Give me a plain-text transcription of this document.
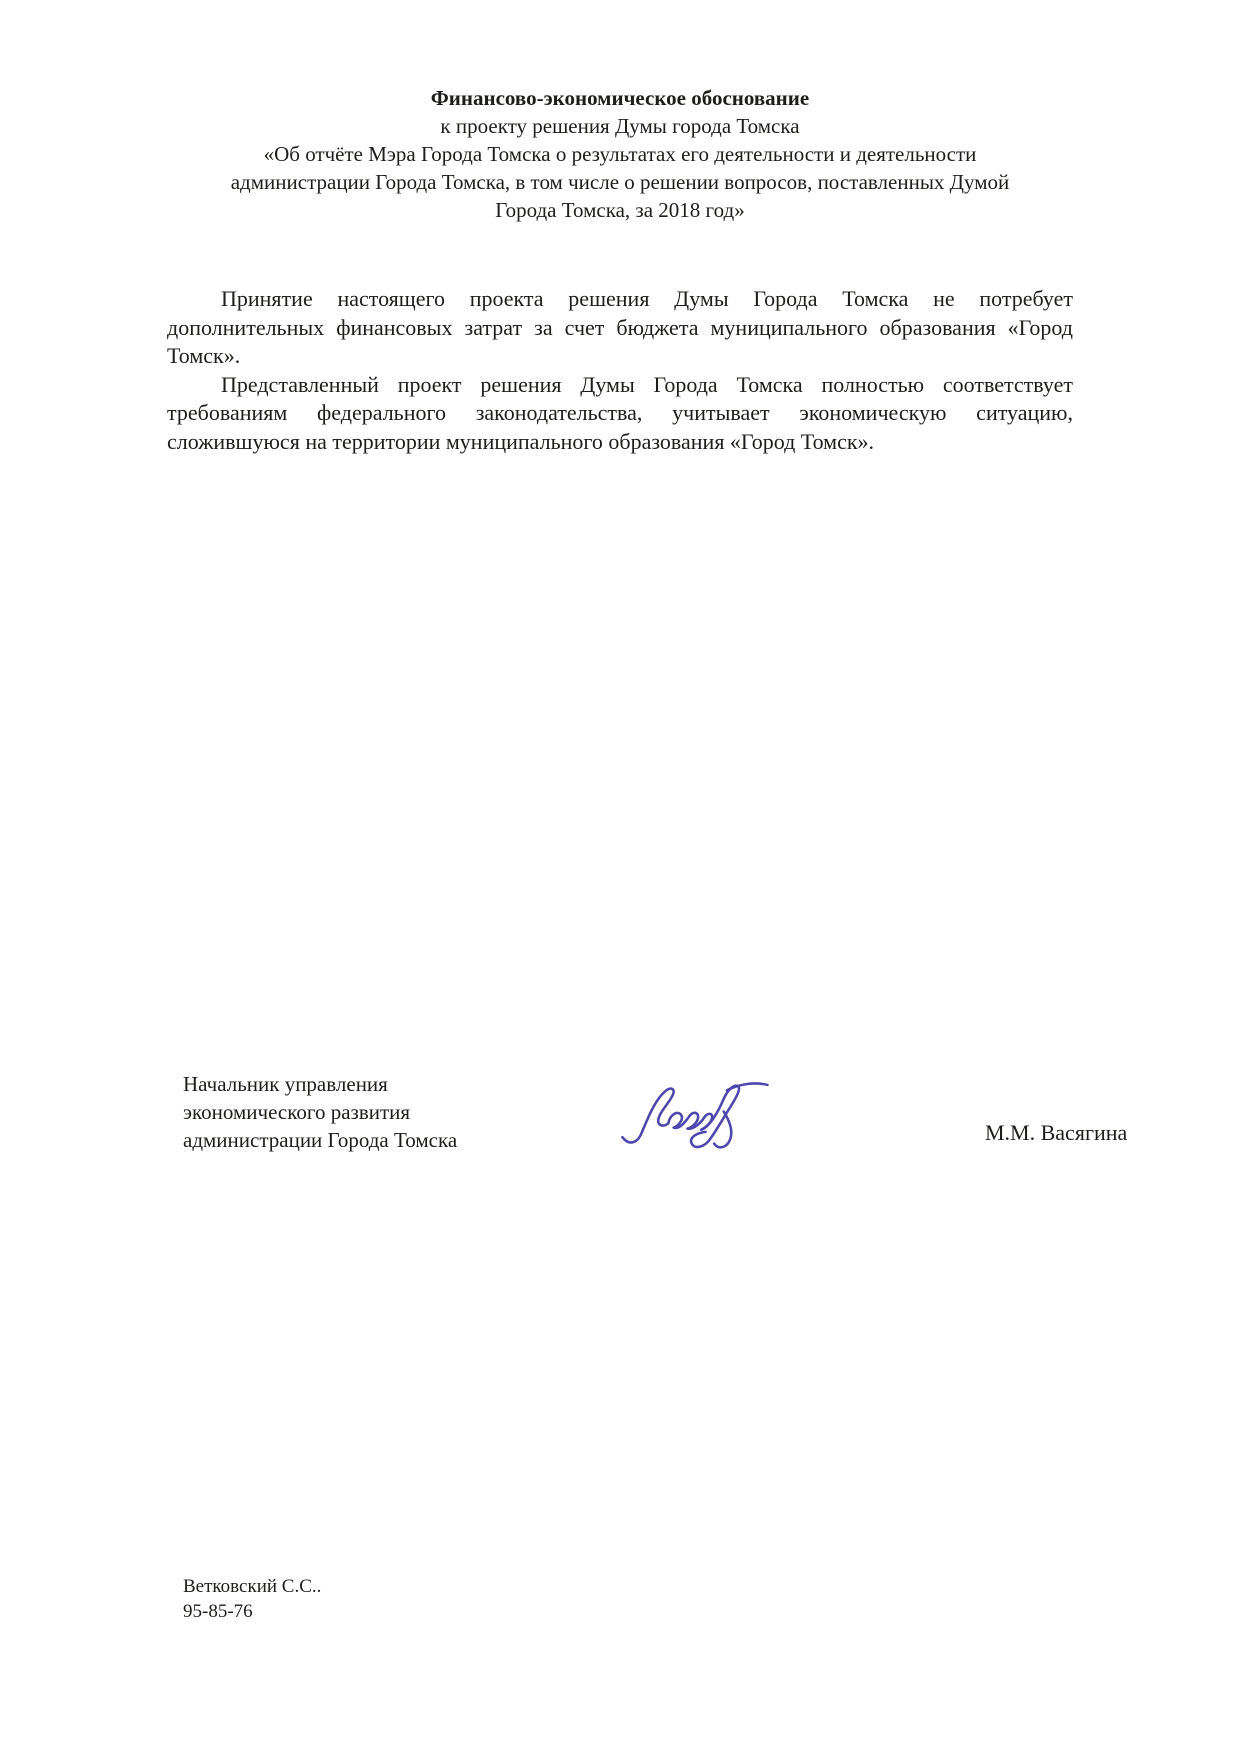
Финансово-экономическое обоснование
к проекту решения Думы города Томска
«Об отчёте Мэра Города Томска о результатах его деятельности и деятельности
администрации Города Томска, в том числе о решении вопросов, поставленных Думой
Города Томска, за 2018 год»

Принятие настоящего проекта решения Думы Города Томска не потребует дополнительных финансовых затрат за счет бюджета муниципального образования «Город Томск».

Представленный проект решения Думы Города Томска полностью соответствует требованиям федерального законодательства, учитывает экономическую ситуацию, сложившуюся на территории муниципального образования «Город Томск».

Начальник управления
экономического развития
администрации Города Томска	М.М. Васягина
Ветковский С.С..
95-85-76
